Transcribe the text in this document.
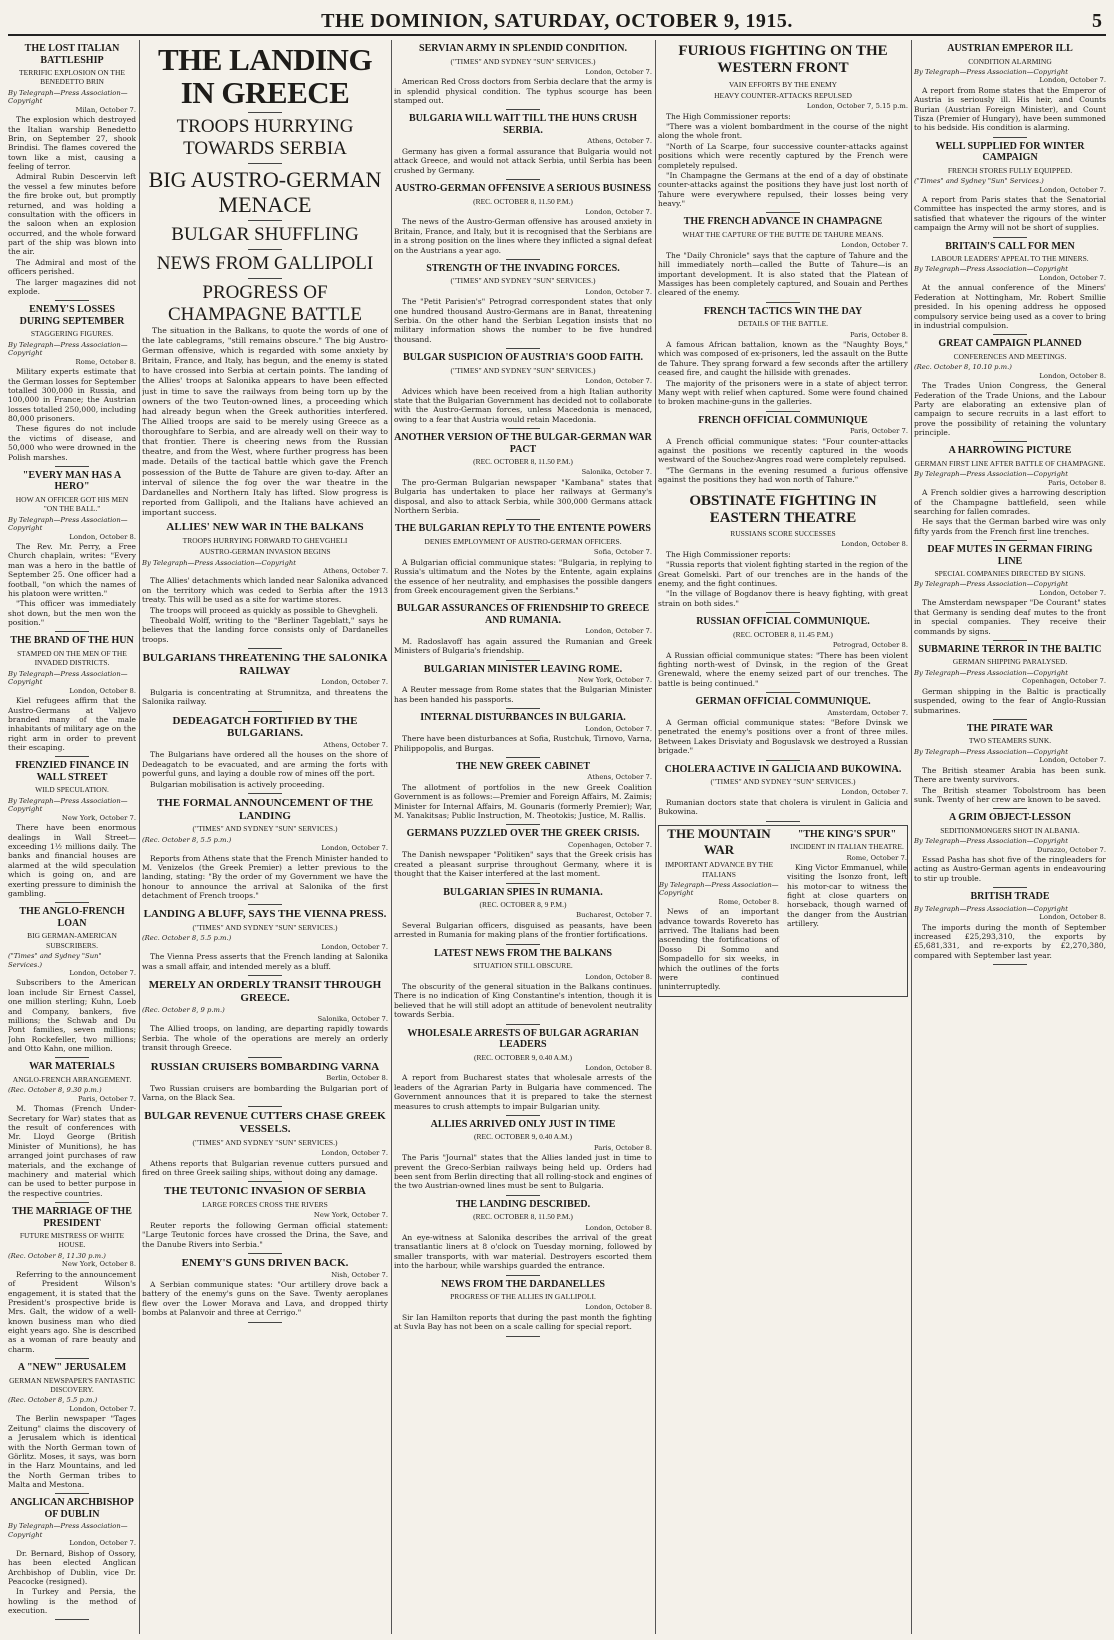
THE DOMINION, SATURDAY, OCTOBER 9, 1915.	5
THE LOST ITALIAN BATTLESHIP
TERRIFIC EXPLOSION ON THE BENEDETTO BRIN
By Telegraph—Press Association—Copyright
Milan, October 7.

The explosion which destroyed the Italian warship Benedetto Brin, on September 27, shook Brindisi. The flames covered the town like a mist, causing a feeling of terror.

Admiral Rubin Descervin left the vessel a few minutes before the fire broke out, but promptly returned, and was holding a consultation with the officers in the saloon when an explosion occurred, and the whole forward part of the ship was blown into the air.

The Admiral and most of the officers perished.

The larger magazines did not explode.

ENEMY'S LOSSES DURING SEPTEMBER
STAGGERING FIGURES.
By Telegraph—Press Association—Copyright
Rome, October 8.

Military experts estimate that the German losses for September totalled 300,000 in Russia, and 100,000 in France; the Austrian losses totalled 250,000, including 80,000 prisoners.

These figures do not include the victims of disease, and 50,000 who were drowned in the Polish marshes.

"EVERY MAN HAS A HERO"
HOW AN OFFICER GOT HIS MEN "ON THE BALL."
By Telegraph—Press Association—Copyright
London, October 8.

The Rev. Mr. Perry, a Free Church chaplain, writes: "Every man was a hero in the battle of September 25. One officer had a football, "on which the names of his platoon were written."

"This officer was immediately shot down, but the men won the position."

THE BRAND OF THE HUN
STAMPED ON THE MEN OF THE INVADED DISTRICTS.
By Telegraph—Press Association—Copyright
London, October 8.

Kiel refugees affirm that the Austro-Germans at Valjevo branded many of the male inhabitants of military age on the right arm in order to prevent their escaping.

FRENZIED FINANCE IN WALL STREET
WILD SPECULATION.
By Telegraph—Press Association—Copyright
New York, October 7.

There have been enormous dealings in Wall Street—exceeding 1½ millions daily. The banks and financial houses are alarmed at the wild speculation which is going on, and are exerting pressure to diminish the gambling.

THE ANGLO-FRENCH LOAN
BIG GERMAN-AMERICAN SUBSCRIBERS.
("Times" and Sydney "Sun" Services.)
London, October 7.

Subscribers to the American loan include Sir Ernest Cassel, one million sterling; Kuhn, Loeb and Company, bankers, five millions; the Schwab and Du Pont families, seven millions; John Rockefeller, two millions; and Otto Kahn, one million.

WAR MATERIALS
ANGLO-FRENCH ARRANGEMENT.
(Rec. October 8, 9.30 p.m.)
Paris, October 7.

M. Thomas (French Under-Secretary for War) states that as the result of conferences with Mr. Lloyd George (British Minister of Munitions), he has arranged joint purchases of raw materials, and the exchange of machinery and material which can be used to better purpose in the respective countries.

THE MARRIAGE OF THE PRESIDENT
FUTURE MISTRESS OF WHITE HOUSE.
(Rec. October 8, 11.30 p.m.)
New York, October 8.

Referring to the announcement of President Wilson's engagement, it is stated that the President's prospective bride is Mrs. Galt, the widow of a well-known business man who died eight years ago. She is described as a woman of rare beauty and charm.

A "NEW" JERUSALEM
GERMAN NEWSPAPER'S FANTASTIC DISCOVERY.
(Rec. October 8, 5.5 p.m.)
London, October 7.

The Berlin newspaper "Tages Zeitung" claims the discovery of a Jerusalem which is identical with the North German town of Görlitz. Moses, it says, was born in the Harz Mountains, and led the North German tribes to Malta and Mestona.

ANGLICAN ARCHBISHOP OF DUBLIN
By Telegraph—Press Association—Copyright
London, October 7.

Dr. Bernard, Bishop of Ossory, has been elected Anglican Archbishop of Dublin, vice Dr. Peacocke (resigned).

In Turkey and Persia, the howling is the method of execution.

THE LANDING IN GREECE
TROOPS HURRYING TOWARDS SERBIA
BIG AUSTRO-GERMAN MENACE
BULGAR SHUFFLING
NEWS FROM GALLIPOLI
PROGRESS OF CHAMPAGNE BATTLE

The situation in the Balkans, to quote the words of one of the late cablegrams, "still remains obscure." The big Austro-German offensive, which is regarded with some anxiety by Britain, France, and Italy, has begun, and the enemy is stated to have crossed into Serbia at certain points. The landing of the Allies' troops at Salonika appears to have been effected just in time to save the railways from being torn up by the owners of the two Teuton-owned lines, a proceeding which had already begun when the Greek authorities interfered. The Allied troops are said to be merely using Greece as a thoroughfare to Serbia, and are already well on their way to that frontier. There is cheering news from the Russian theatre, and from the West, where further progress has been made. Details of the tactical battle which gave the French possession of the Butte de Tahure are given to-day. After an interval of silence the fog over the war theatre in the Dardanelles and Northern Italy has lifted. Slow progress is reported from Gallipoli, and the Italians have achieved an important success.

ALLIES' NEW WAR IN THE BALKANS
TROOPS HURRYING FORWARD TO GHEVGHELI
AUSTRO-GERMAN INVASION BEGINS
By Telegraph—Press Association—Copyright
Athens, October 7.

The Allies' detachments which landed near Salonika advanced on the territory which was ceded to Serbia after the 1913 treaty. This will be used as a site for wartime stores.

The troops will proceed as quickly as possible to Ghevgheli.

Theobald Wolff, writing to the "Berliner Tageblatt," says he believes that the landing force consists only of Dardanelles troops.

BULGARIANS THREATENING THE SALONIKA RAILWAY
London, October 7.

Bulgaria is concentrating at Strumnitza, and threatens the Salonika railway.

DEDEAGATCH FORTIFIED BY THE BULGARIANS.
Athens, October 7.

The Bulgarians have ordered all the houses on the shore of Dedeagatch to be evacuated, and are arming the forts with powerful guns, and laying a double row of mines off the port.

Bulgarian mobilisation is actively proceeding.

THE FORMAL ANNOUNCEMENT OF THE LANDING
("TIMES" AND SYDNEY "SUN" SERVICES.)
(Rec. October 8, 5.5 p.m.)
London, October 7.

Reports from Athens state that the French Minister handed to M. Venizelos (the Greek Premier) a letter previous to the landing, stating: "By the order of my Government we have the honour to announce the arrival at Salonika of the first detachment of French troops."

LANDING A BLUFF, SAYS THE VIENNA PRESS.
("TIMES" AND SYDNEY "SUN" SERVICES.)
(Rec. October 8, 5.5 p.m.)
London, October 7.

The Vienna Press asserts that the French landing at Salonika was a small affair, and intended merely as a bluff.

MERELY AN ORDERLY TRANSIT THROUGH GREECE.
(Rec. October 8, 9 p.m.)
Salonika, October 7.

The Allied troops, on landing, are departing rapidly towards Serbia. The whole of the operations are merely an orderly transit through Greece.

RUSSIAN CRUISERS BOMBARDING VARNA
Berlin, October 8.

Two Russian cruisers are bombarding the Bulgarian port of Varna, on the Black Sea.

BULGAR REVENUE CUTTERS CHASE GREEK VESSELS.
("TIMES" AND SYDNEY "SUN" SERVICES.)
London, October 7.

Athens reports that Bulgarian revenue cutters pursued and fired on three Greek sailing ships, without doing any damage.

THE TEUTONIC INVASION OF SERBIA
LARGE FORCES CROSS THE RIVERS
New York, October 7.

Reuter reports the following German official statement: "Large Teutonic forces have crossed the Drina, the Save, and the Danube Rivers into Serbia."

ENEMY'S GUNS DRIVEN BACK.
Nish, October 7.

A Serbian communique states: "Our artillery drove back a battery of the enemy's guns on the Save. Twenty aeroplanes flew over the Lower Morava and Lava, and dropped thirty bombs at Palanvoir and three at Cerrigo."

SERVIAN ARMY IN SPLENDID CONDITION.
("TIMES" AND SYDNEY "SUN" SERVICES.)
London, October 7.

American Red Cross doctors from Serbia declare that the army is in splendid physical condition. The typhus scourge has been stamped out.

BULGARIA WILL WAIT TILL THE HUNS CRUSH SERBIA.
Athens, October 7.

Germany has given a formal assurance that Bulgaria would not attack Greece, and would not attack Serbia, until Serbia has been crushed by Germany.

AUSTRO-GERMAN OFFENSIVE A SERIOUS BUSINESS
(REC. OCTOBER 8, 11.50 P.M.)
London, October 7.

The news of the Austro-German offensive has aroused anxiety in Britain, France, and Italy, but it is recognised that the Serbians are in a strong position on the lines where they inflicted a signal defeat on the Austrians a year ago.

STRENGTH OF THE INVADING FORCES.
("TIMES" AND SYDNEY "SUN" SERVICES.)
London, October 7.

The "Petit Parisien's" Petrograd correspondent states that only one hundred thousand Austro-Germans are in Banat, threatening Serbia. On the other hand the Serbian Legation insists that no military information shows the number to be five hundred thousand.

BULGAR SUSPICION OF AUSTRIA'S GOOD FAITH.
("TIMES" AND SYDNEY "SUN" SERVICES.)
London, October 7.

Advices which have been received from a high Italian authority state that the Bulgarian Government has decided not to collaborate with the Austro-German forces, unless Macedonia is menaced, owing to a fear that Austria would retain Macedonia.

ANOTHER VERSION OF THE BULGAR-GERMAN WAR PACT
(REC. OCTOBER 8, 11.50 P.M.)
Salonika, October 7.

The pro-German Bulgarian newspaper "Kambana" states that Bulgaria has undertaken to place her railways at Germany's disposal, and also to attack Serbia, while 300,000 Germans attack Northern Serbia.

THE BULGARIAN REPLY TO THE ENTENTE POWERS
DENIES EMPLOYMENT OF AUSTRO-GERMAN OFFICERS.
Sofia, October 7.

A Bulgarian official communique states: "Bulgaria, in replying to Russia's ultimatum and the Notes by the Entente, again explains the essence of her neutrality, and emphasises the possible dangers from Greek encouragement given the Serbians."

BULGAR ASSURANCES OF FRIENDSHIP TO GREECE AND RUMANIA.
London, October 7.

M. Radoslavoff has again assured the Rumanian and Greek Ministers of Bulgaria's friendship.

BULGARIAN MINISTER LEAVING ROME.
New York, October 7.

A Reuter message from Rome states that the Bulgarian Minister has been handed his passports.

INTERNAL DISTURBANCES IN BULGARIA.
London, October 7.

There have been disturbances at Sofia, Rustchuk, Tirnovo, Varna, Philippopolis, and Burgas.

THE NEW GREEK CABINET
Athens, October 7.

The allotment of portfolios in the new Greek Coalition Government is as follows:—Premier and Foreign Affairs, M. Zaimis; Minister for Internal Affairs, M. Gounaris (formerly Premier); War, M. Yanakitsas; Public Instruction, M. Theotokis; Justice, M. Rallis.

GERMANS PUZZLED OVER THE GREEK CRISIS.
Copenhagen, October 7.

The Danish newspaper "Politiken" says that the Greek crisis has created a pleasant surprise throughout Germany, where it is thought that the Kaiser interfered at the last moment.

BULGARIAN SPIES IN RUMANIA.
(REC. OCTOBER 8, 9 P.M.)
Bucharest, October 7.

Several Bulgarian officers, disguised as peasants, have been arrested in Rumania for making plans of the frontier fortifications.

LATEST NEWS FROM THE BALKANS
SITUATION STILL OBSCURE.
London, October 8.

The obscurity of the general situation in the Balkans continues. There is no indication of King Constantine's intention, though it is believed that he will still adopt an attitude of benevolent neutrality towards Serbia.

WHOLESALE ARRESTS OF BULGAR AGRARIAN LEADERS
(REC. OCTOBER 9, 0.40 A.M.)
London, October 8.

A report from Bucharest states that wholesale arrests of the leaders of the Agrarian Party in Bulgaria have commenced. The Government announces that it is prepared to take the sternest measures to crush attempts to impair Bulgarian unity.

ALLIES ARRIVED ONLY JUST IN TIME
(REC. OCTOBER 9, 0.40 A.M.)
Paris, October 8.

The Paris "Journal" states that the Allies landed just in time to prevent the Greco-Serbian railways being held up. Orders had been sent from Berlin directing that all rolling-stock and engines of the two Austrian-owned lines must be sent to Bulgaria.

THE LANDING DESCRIBED.
(REC. OCTOBER 8, 11.50 P.M.)
London, October 8.

An eye-witness at Salonika describes the arrival of the great transatlantic liners at 8 o'clock on Tuesday morning, followed by smaller transports, with war material. Destroyers escorted them into the harbour, while warships guarded the entrance.

NEWS FROM THE DARDANELLES
PROGRESS OF THE ALLIES IN GALLIPOLI.
London, October 8.

Sir Ian Hamilton reports that during the past month the fighting at Suvla Bay has not been on a scale calling for special report.

FURIOUS FIGHTING ON THE WESTERN FRONT
VAIN EFFORTS BY THE ENEMY
HEAVY COUNTER-ATTACKS REPULSED
London, October 7, 5.15 p.m.

The High Commissioner reports:

"There was a violent bombardment in the course of the night along the whole front.

"North of La Scarpe, four successive counter-attacks against positions which were recently captured by the French were completely repulsed.

"In Champagne the Germans at the end of a day of obstinate counter-attacks against the positions they have just lost north of Tahure were everywhere repulsed, their losses being very heavy."

THE FRENCH ADVANCE IN CHAMPAGNE
WHAT THE CAPTURE OF THE BUTTE DE TAHURE MEANS.
London, October 7.

The "Daily Chronicle" says that the capture of Tahure and the hill immediately north—called the Butte of Tahure—is an important development. It is also stated that the Platean of Massiges has been completely captured, and Souain and Perthes cleared of the enemy.

FRENCH TACTICS WIN THE DAY
DETAILS OF THE BATTLE.
Paris, October 8.

A famous African battalion, known as the "Naughty Boys," which was composed of ex-prisoners, led the assault on the Butte de Tahure. They sprang forward a few seconds after the artillery ceased fire, and caught the hillside with grenades.

The majority of the prisoners were in a state of abject terror. Many wept with relief when captured. Some were found chained to broken machine-guns in the galleries.

FRENCH OFFICIAL COMMUNIQUE
Paris, October 7.

A French official communique states: "Four counter-attacks against the positions we recently captured in the woods westward of the Souchez-Angres road were completely repulsed.

"The Germans in the evening resumed a furious offensive against the positions they had won north of Tahure."

OBSTINATE FIGHTING IN EASTERN THEATRE
RUSSIANS SCORE SUCCESSES
London, October 8.

The High Commissioner reports:

"Russia reports that violent fighting started in the region of the Great Gomelski. Part of our trenches are in the hands of the enemy, and the fight continues.

"In the village of Bogdanov there is heavy fighting, with great strain on both sides."

RUSSIAN OFFICIAL COMMUNIQUE.
(REC. OCTOBER 8, 11.45 P.M.)
Petrograd, October 8.

A Russian official communique states: "There has been violent fighting north-west of Dvinsk, in the region of the Great Grenewald, where the enemy seized part of our trenches. The battle is being continued."

GERMAN OFFICIAL COMMUNIQUE.
Amsterdam, October 7.

A German official communique states: "Before Dvinsk we penetrated the enemy's positions over a front of three miles. Between Lakes Drisviaty and Boguslavsk we destroyed a Russian brigade."

CHOLERA ACTIVE IN GALICIA AND BUKOWINA.
("TIMES" AND SYDNEY "SUN" SERVICES.)
London, October 7.

Rumanian doctors state that cholera is virulent in Galicia and Bukowina.

THE MOUNTAIN WAR
IMPORTANT ADVANCE BY THE ITALIANS
By Telegraph—Press Association—Copyright
Rome, October 8.

News of an important advance towards Rovereto has arrived. The Italians had been ascending the fortifications of Dosso Di Sommo and Sompadello for six weeks, in which the outlines of the forts were continued uninterruptedly.

"THE KING'S SPUR"
INCIDENT IN ITALIAN THEATRE.
Rome, October 7.

King Victor Emmanuel, while visiting the Isonzo front, left his motor-car to witness the fight at close quarters on horseback, though warned of the danger from the Austrian artillery.

AUSTRIAN EMPEROR ILL
CONDITION ALARMING
By Telegraph—Press Association—Copyright
London, October 7.

A report from Rome states that the Emperor of Austria is seriously ill. His heir, and Counts Burian (Austrian Foreign Minister), and Count Tisza (Premier of Hungary), have been summoned to his bedside. His condition is alarming.

WELL SUPPLIED FOR WINTER CAMPAIGN
FRENCH STORES FULLY EQUIPPED.
("Times" and Sydney "Sun" Services.)
London, October 7.

A report from Paris states that the Senatorial Committee has inspected the army stores, and is satisfied that whatever the rigours of the winter campaign the Army will not be short of supplies.

BRITAIN'S CALL FOR MEN
LABOUR LEADERS' APPEAL TO THE MINERS.
By Telegraph—Press Association—Copyright
London, October 7.

At the annual conference of the Miners' Federation at Nottingham, Mr. Robert Smillie presided. In his opening address he opposed compulsory service being used as a cover to bring in industrial compulsion.

GREAT CAMPAIGN PLANNED
CONFERENCES AND MEETINGS.
(Rec. October 8, 10.10 p.m.)
London, October 8.

The Trades Union Congress, the General Federation of the Trade Unions, and the Labour Party are elaborating an extensive plan of campaign to secure recruits in a last effort to prove the possibility of retaining the voluntary principle.

A HARROWING PICTURE
GERMAN FIRST LINE AFTER BATTLE OF CHAMPAGNE.
By Telegraph—Press Association—Copyright
Paris, October 8.

A French soldier gives a harrowing description of the Champagne battlefield, seen while searching for fallen comrades.

He says that the German barbed wire was only fifty yards from the French first line trenches.

DEAF MUTES IN GERMAN FIRING LINE
SPECIAL COMPANIES DIRECTED BY SIGNS.
By Telegraph—Press Association—Copyright
London, October 7.

The Amsterdam newspaper "De Courant" states that Germany is sending deaf mutes to the front in special companies. They receive their commands by signs.

SUBMARINE TERROR IN THE BALTIC
GERMAN SHIPPING PARALYSED.
By Telegraph—Press Association—Copyright
Copenhagen, October 7.

German shipping in the Baltic is practically suspended, owing to the fear of Anglo-Russian submarines.

THE PIRATE WAR
TWO STEAMERS SUNK.
By Telegraph—Press Association—Copyright
London, October 7.

The British steamer Arabia has been sunk. There are twenty survivors.

The British steamer Tobolstroom has been sunk. Twenty of her crew are known to be saved.

A GRIM OBJECT-LESSON
SEDITIONMONGERS SHOT IN ALBANIA.
By Telegraph—Press Association—Copyright
Durazzo, October 7.

Essad Pasha has shot five of the ringleaders for acting as Austro-German agents in endeavouring to stir up trouble.

BRITISH TRADE
By Telegraph—Press Association—Copyright
London, October 8.

The imports during the month of September increased £25,293,310, the exports by £5,681,331, and re-exports by £2,270,380, compared with September last year.
